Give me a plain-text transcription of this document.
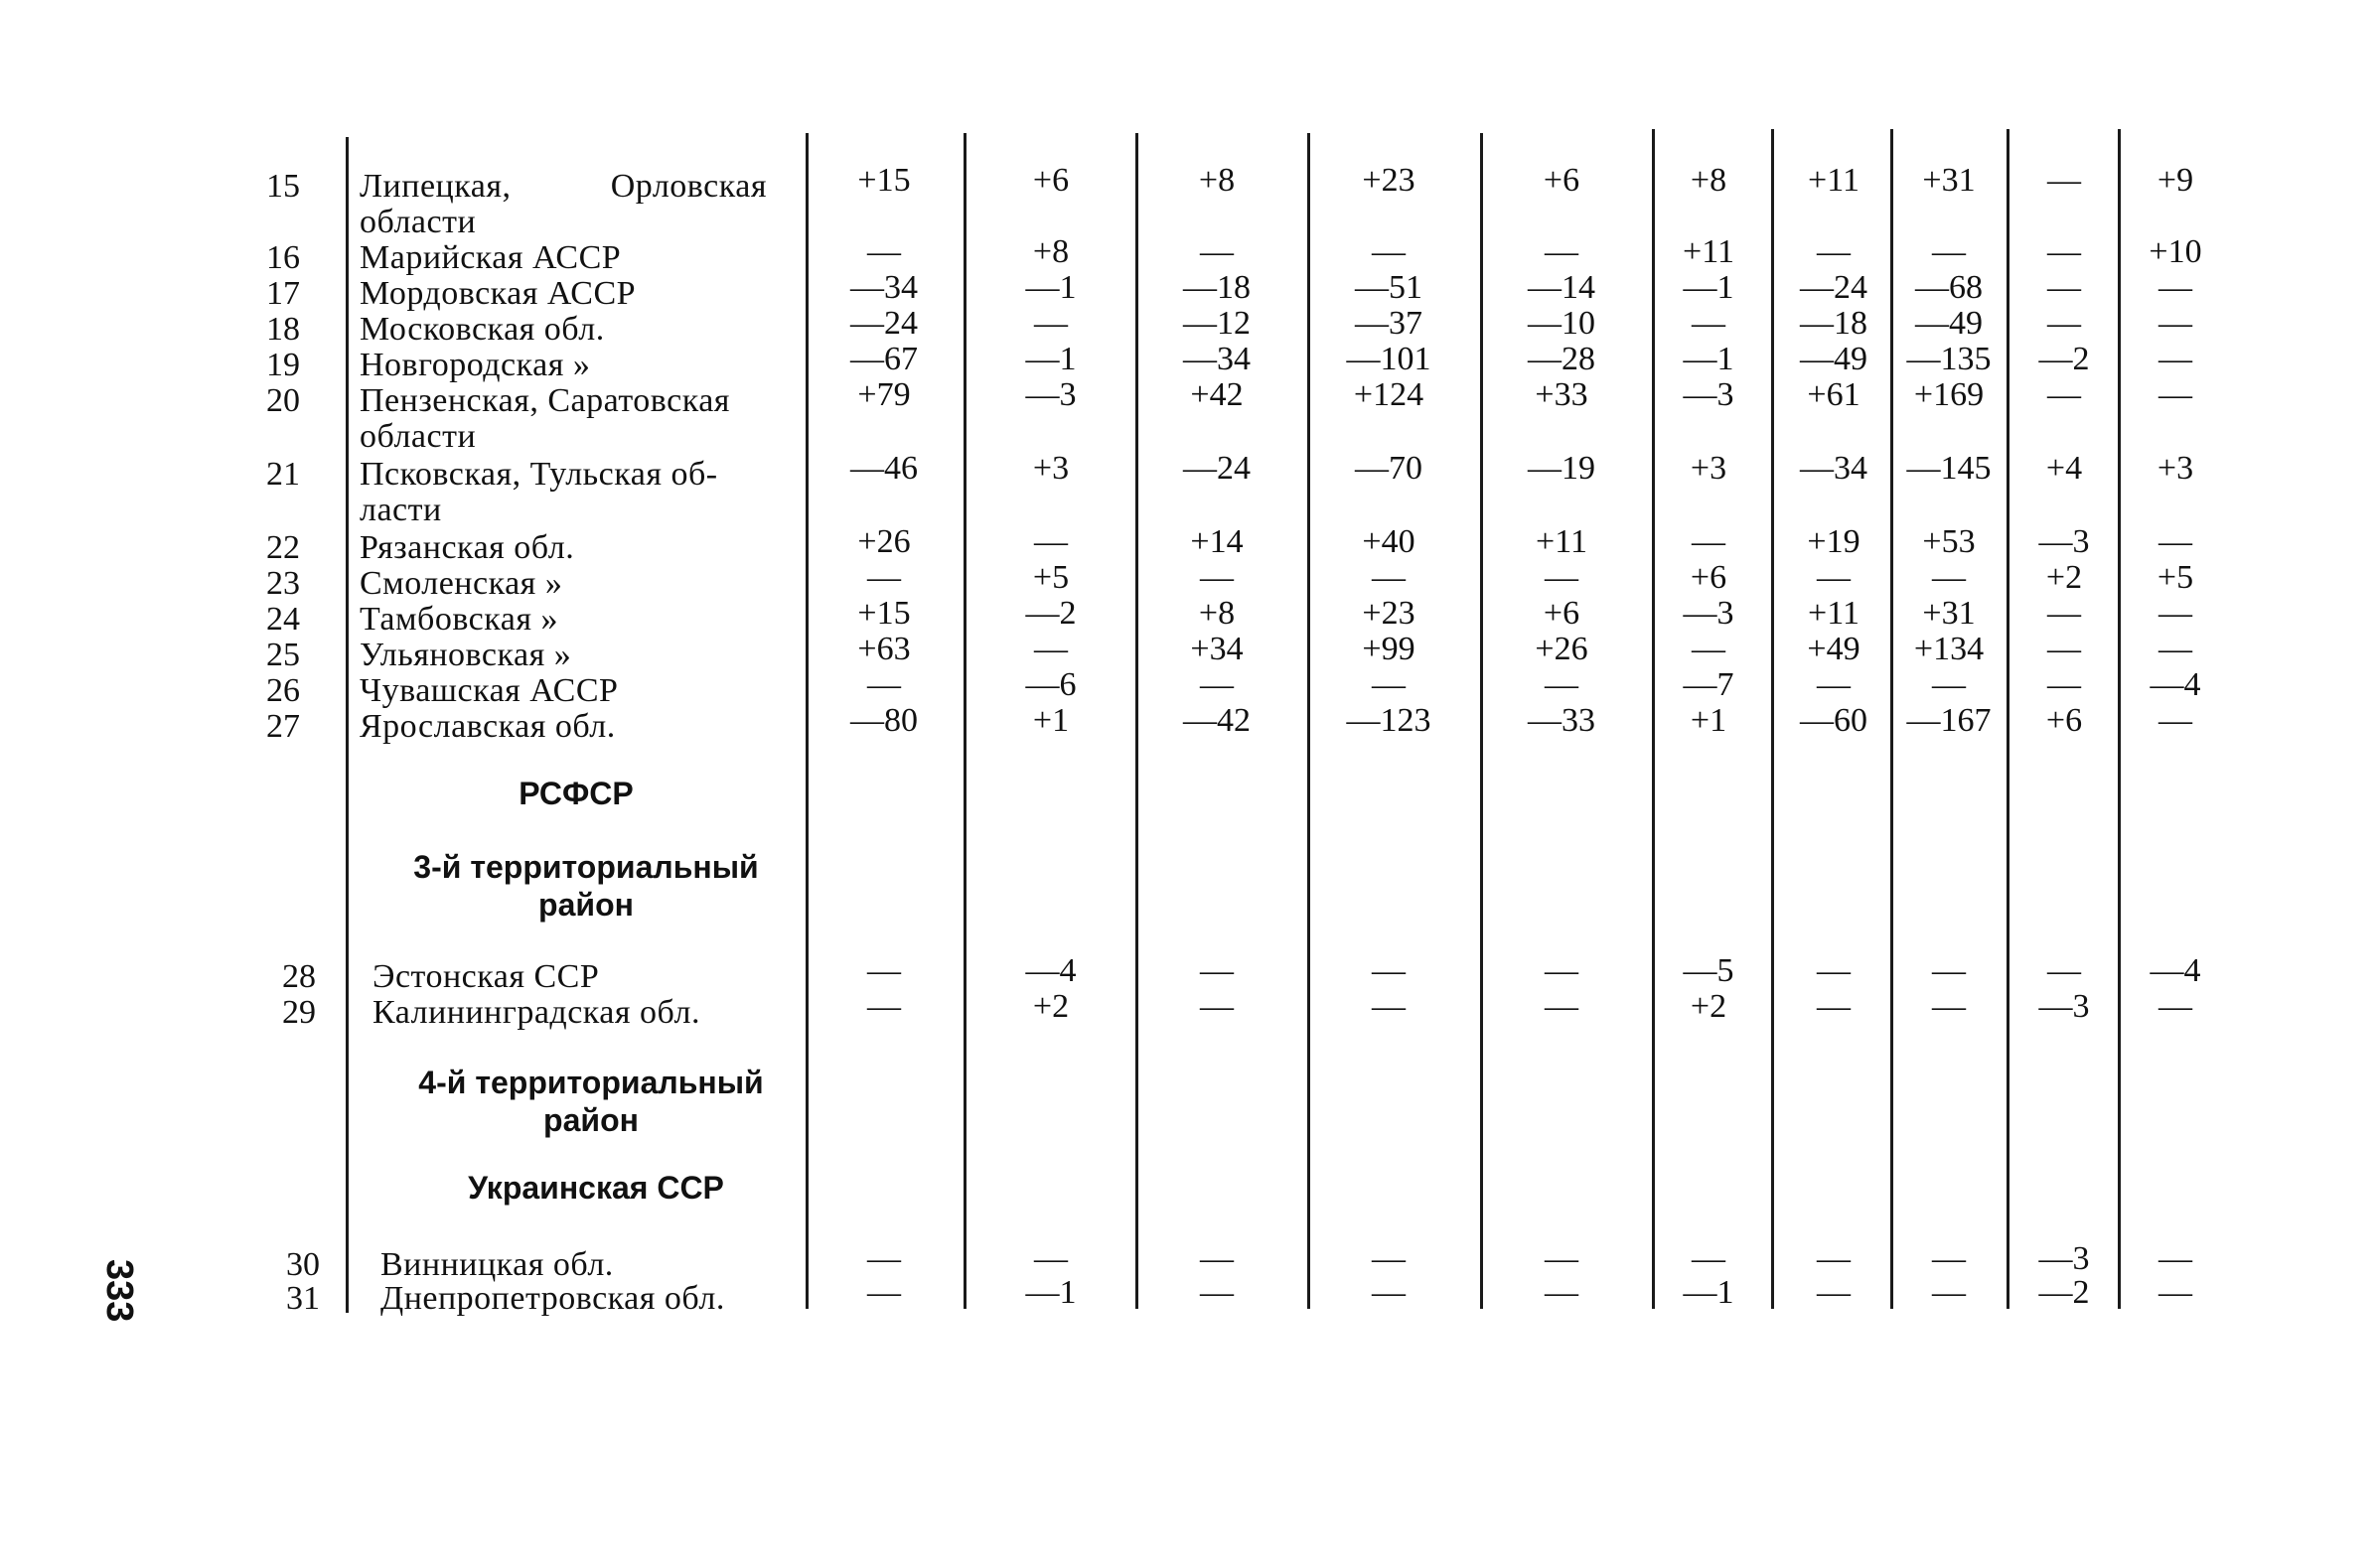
15 Липецкая, Орловская
области
+15	+6	+8	+23	+6	+8	+11	+31	—	+9
16 Марийская АССР	—	+8	—	—	—	+11	—	—	—	+10
17 Мордовская АССР	—34	—1	—18	—51	—14	—1	—24	—68	—	—
18 Московская обл.	—24	—	—12	—37	—10	—	—18	—49	—	—
19 Новгородская »	—67	—1	—34	—101	—28	—1	—49	—135	—2	—
20 Пензенская, Саратовская
области
+79	—3	+42	+124	+33	—3	+61	+169	—	—
21 Псковская, Тульская об-
ласти
—46	+3	—24	—70	—19	+3	—34	—145	+4	+3
22 Рязанская обл.	+26	—	+14	+40	+11	—	+19	+53	—3	—
23 Смоленская »	—	+5	—	—	—	+6	—	—	+2	+5
24 Тамбовская »	+15	—2	+8	+23	+6	—3	+11	+31	—	—
25 Ульяновская »	+63	—	+34	+99	+26	—	+49	+134	—	—
26 Чувашская АССР	—	—6	—	—	—	—7	—	—	—	—4
27 Ярославская обл.	—80	+1	—42	—123	—33	+1	—60	—167	+6	—
28 Эстонская ССР	—	—4	—	—	—	—5	—	—	—	—4
29 Калининградская обл.	—	+2	—	—	—	+2	—	—	—3	—
30 Винницкая обл.	—	—	—	—	—	—	—	—	—3	—
31 Днепропетровская обл.	—	—1	—	—	—	—1	—	—	—2	—
РСФСР
3-й территориальный
район
4-й территориальный
район
Украинская ССР
333
